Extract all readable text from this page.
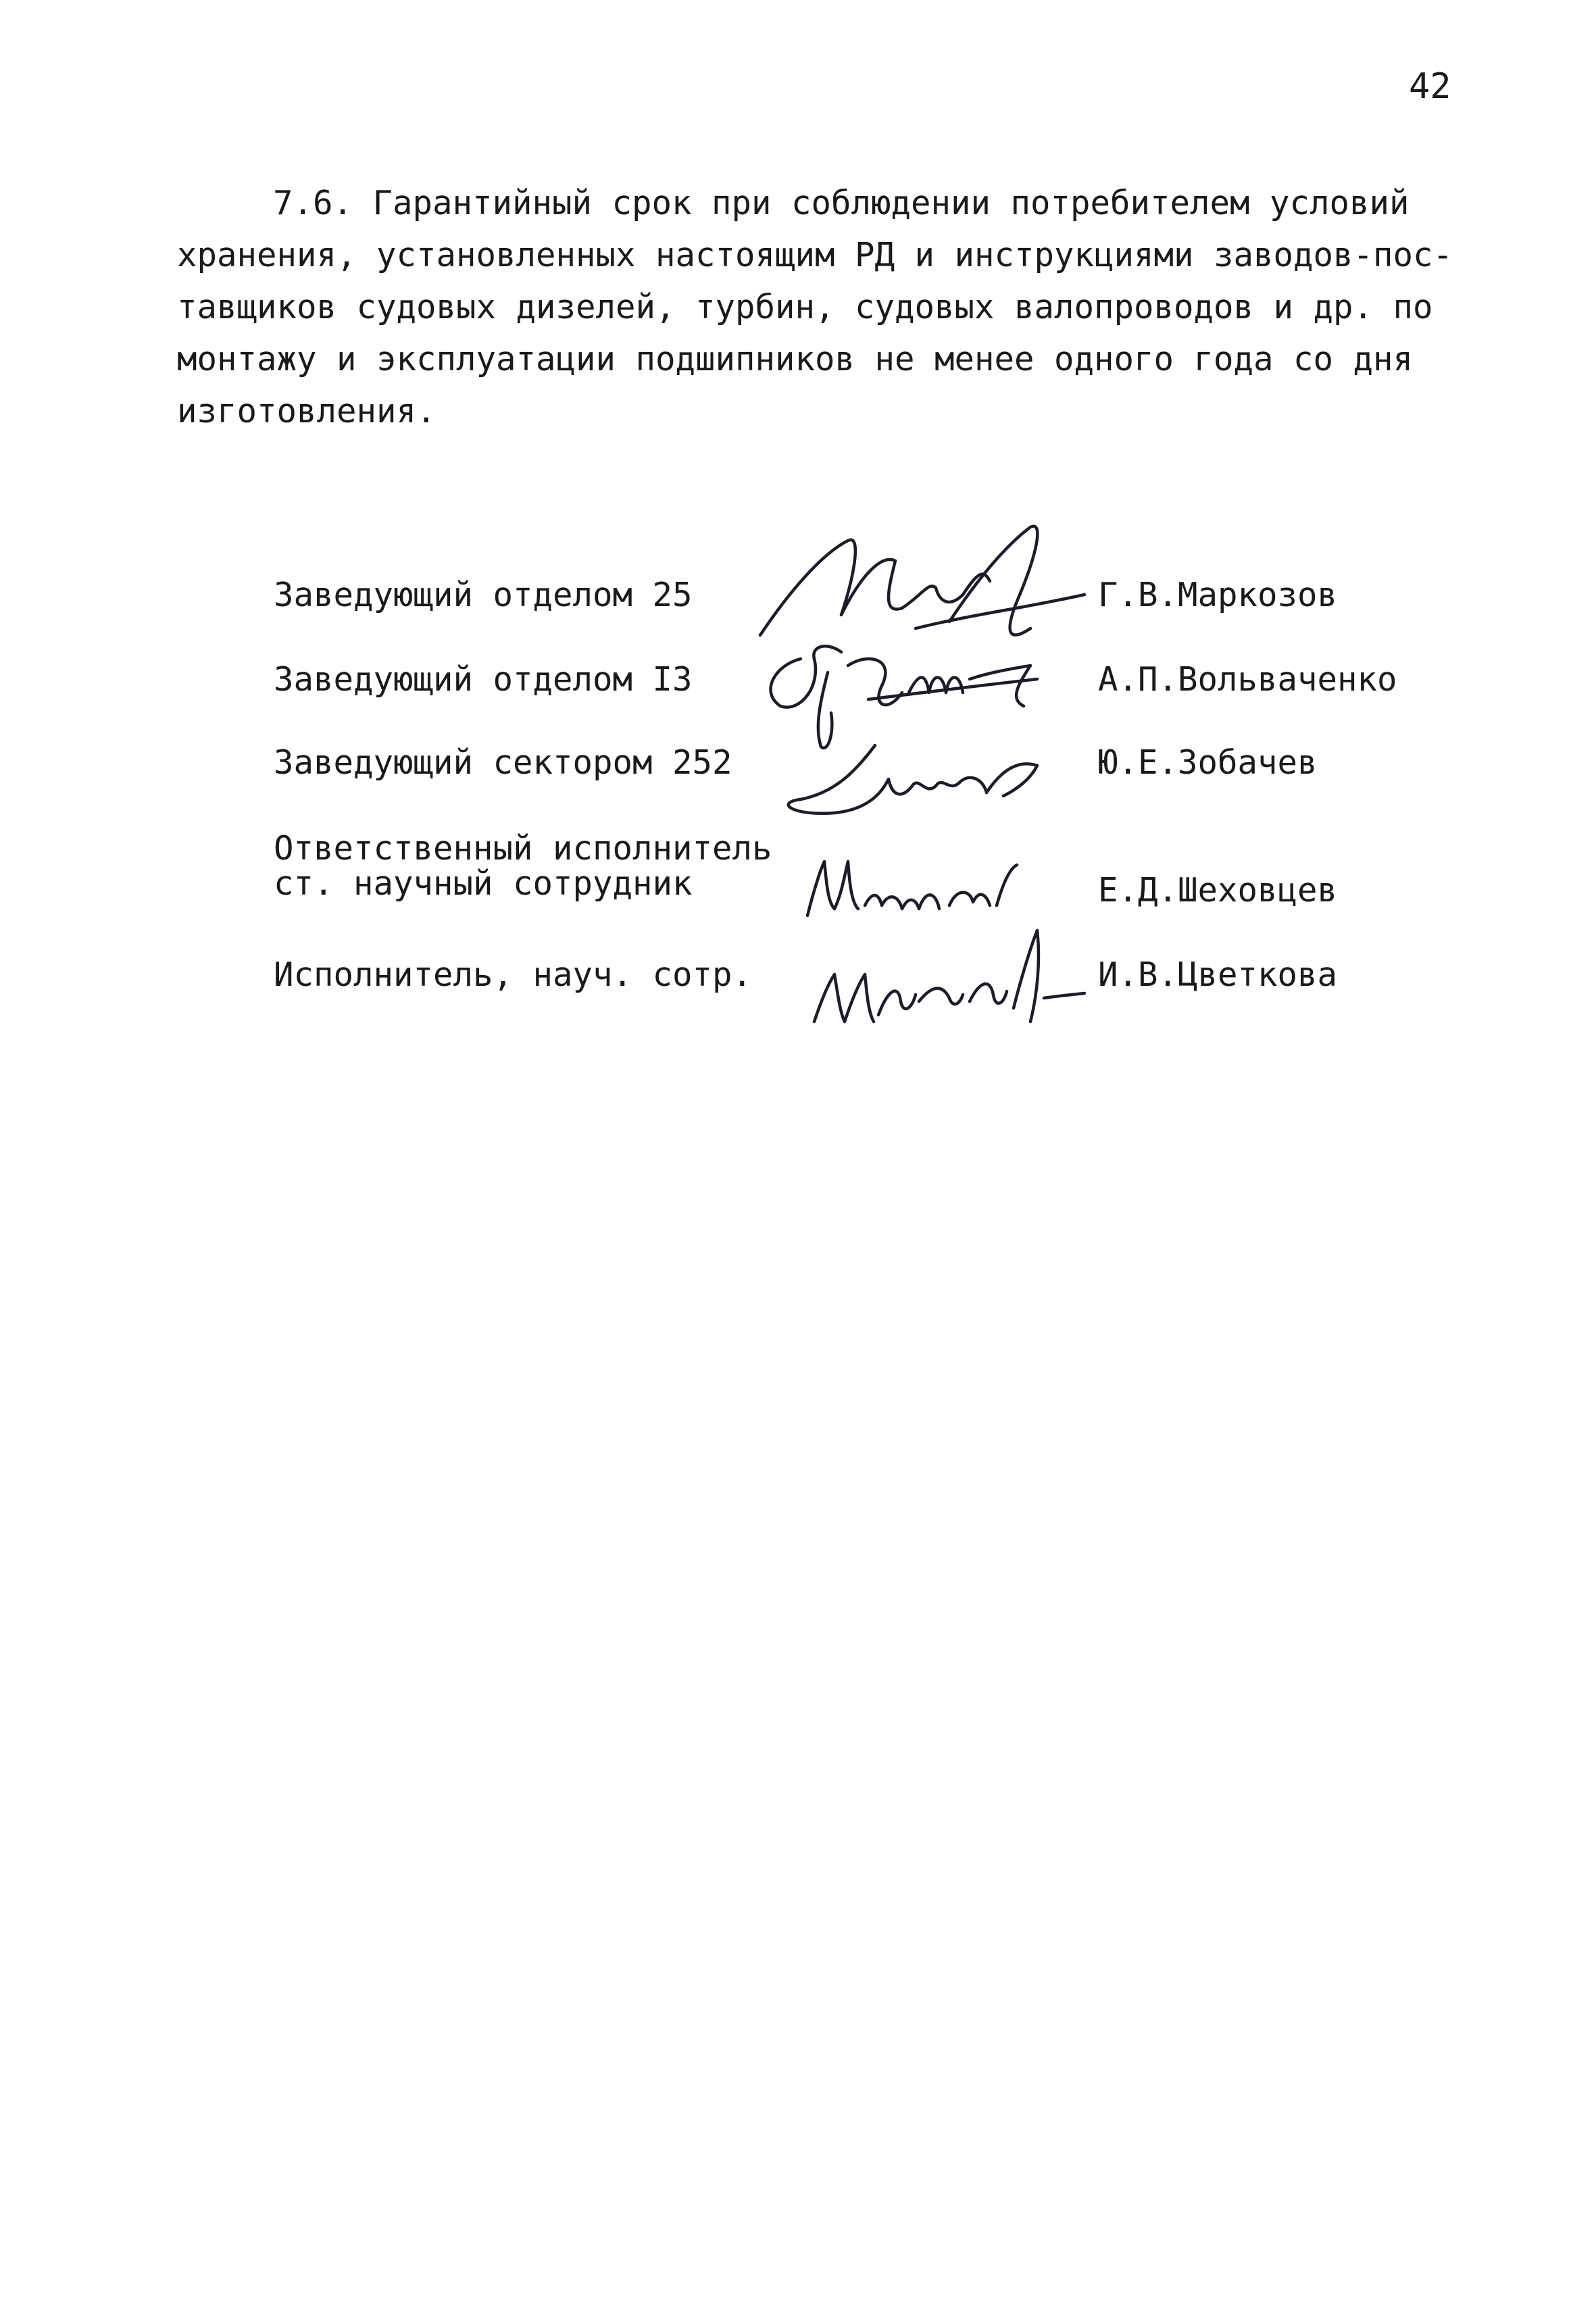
42
7.6. Гарантийный срок при соблюдении потребителем условий
хранения, установленных настоящим РД и инструкциями заводов-пос-
тавщиков судовых дизелей, турбин, судовых валопроводов и др. по
монтажу и эксплуатации подшипников не менее одного года со дня
изготовления.
Заведующий отделом 25	Г.В.Маркозов
Заведующий отделом I3	А.П.Вольваченко
Заведующий сектором 252	Ю.Е.Зобачев
Ответственный исполнитель
ст. научный сотрудник	Е.Д.Шеховцев
Исполнитель, науч. сотр.	И.В.Цветкова
